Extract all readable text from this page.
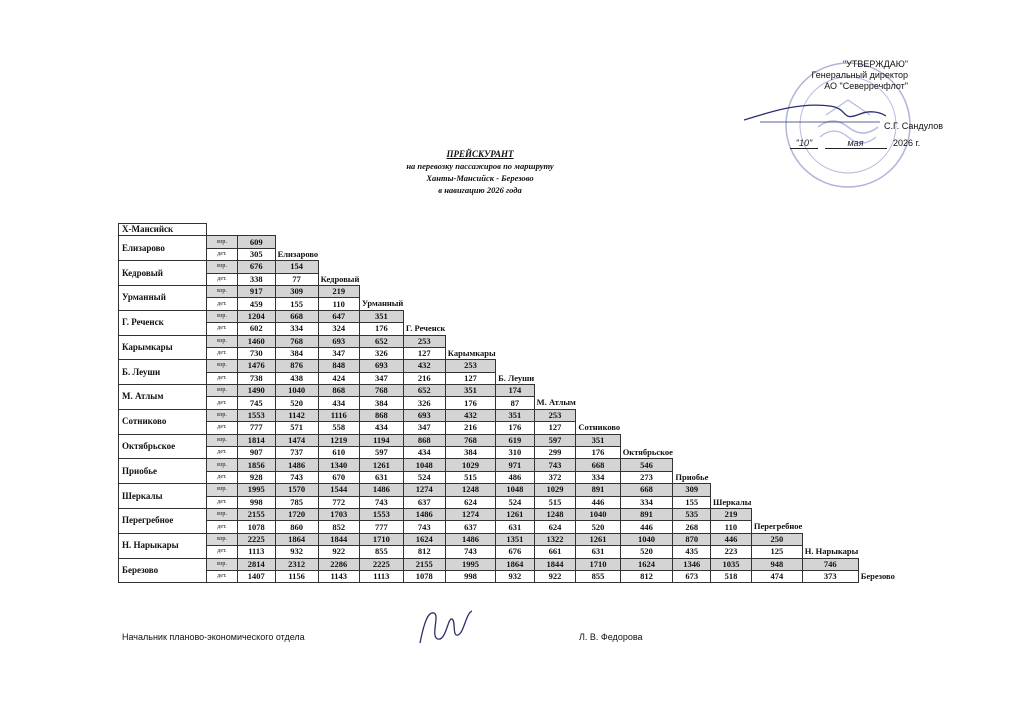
"УТВЕРЖДАЮ"
Генеральный директор
АО "Северречфлот"
С.Г. Сандулов
"10"	мая	2026 г.
ПРЕЙСКУРАНТ
на перевозку пассажиров по маршруту
Ханты-Мансийск - Березово
в навигацию 2026 года
Х-Мансийск																
Елизарово	взр.	609														
	дет.	305	Елизарово													
Кедровый	взр.	676	154													
	дет.	338	77	Кедровый												
Урманный	взр.	917	309	219												
	дет.	459	155	110	Урманный											
Г. Реченск	взр.	1204	668	647	351											
	дет.	602	334	324	176	Г. Реченск										
Карымкары	взр.	1460	768	693	652	253										
	дет.	730	384	347	326	127	Карымкары									
Б. Леуши	взр.	1476	876	848	693	432	253									
	дет.	738	438	424	347	216	127	Б. Леуши								
М. Атлым	взр.	1490	1040	868	768	652	351	174								
	дет.	745	520	434	384	326	176	87	М. Атлым							
Сотниково	взр.	1553	1142	1116	868	693	432	351	253							
	дет.	777	571	558	434	347	216	176	127	Сотниково						
Октябрьское	взр.	1814	1474	1219	1194	868	768	619	597	351						
	дет.	907	737	610	597	434	384	310	299	176	Октябрьское					
Приобье	взр.	1856	1486	1340	1261	1048	1029	971	743	668	546					
	дет.	928	743	670	631	524	515	486	372	334	273	Приобье				
Шеркалы	взр.	1995	1570	1544	1486	1274	1248	1048	1029	891	668	309				
	дет.	998	785	772	743	637	624	524	515	446	334	155	Шеркалы			
Перегребное	взр.	2155	1720	1703	1553	1486	1274	1261	1248	1040	891	535	219			
	дет.	1078	860	852	777	743	637	631	624	520	446	268	110	Перегребное		
Н. Нарыкары	взр.	2225	1864	1844	1710	1624	1486	1351	1322	1261	1040	870	446	250		
	дет.	1113	932	922	855	812	743	676	661	631	520	435	223	125	Н. Нарыкары	
Березово	взр.	2814	2312	2286	2225	2155	1995	1864	1844	1710	1624	1346	1035	948	746	
	дет.	1407	1156	1143	1113	1078	998	932	922	855	812	673	518	474	373	Березово
Начальник планово-экономического отдела	Л. В. Федорова
